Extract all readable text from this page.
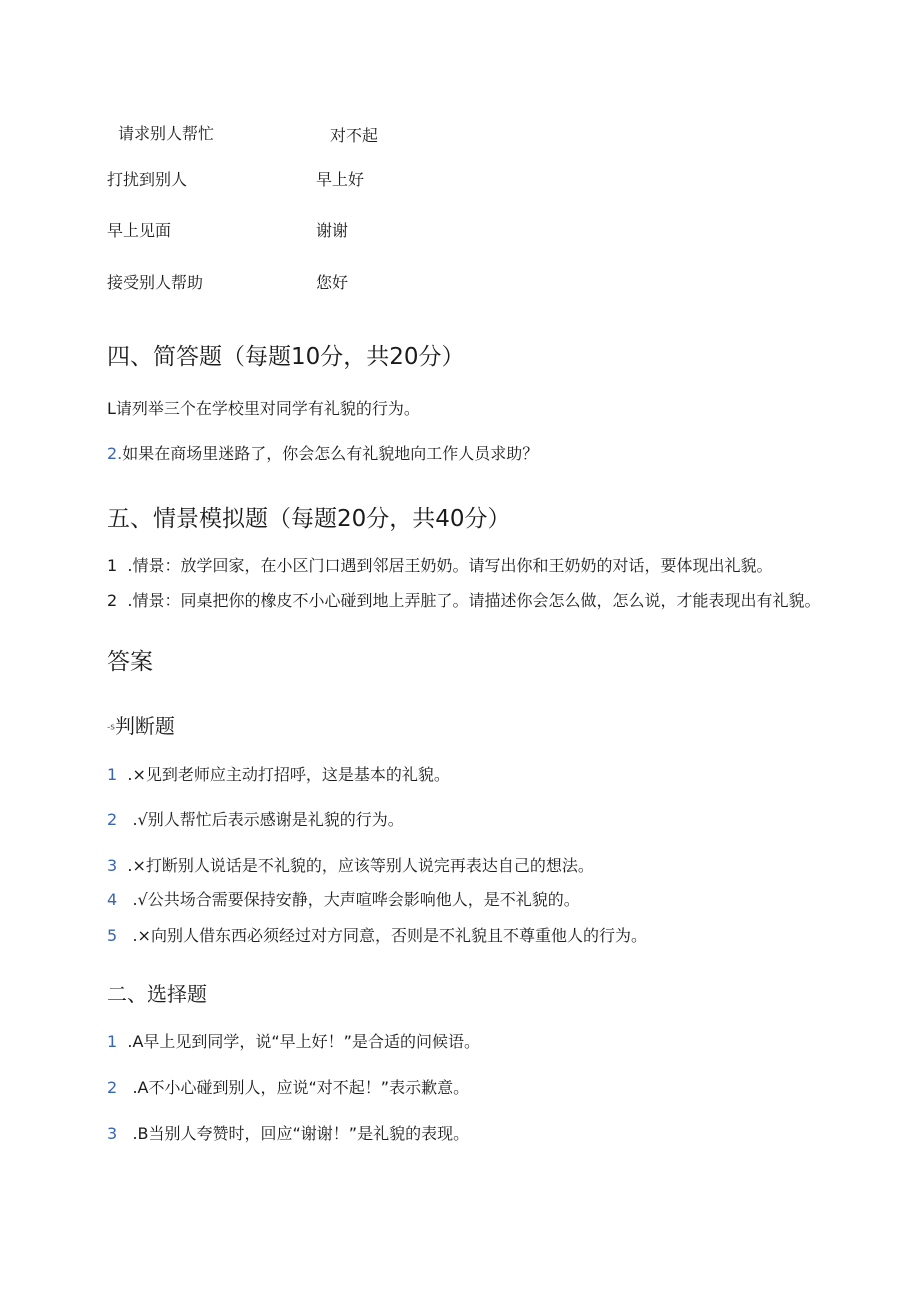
请求别人帮忙	对不起
打扰到别人	早上好
早上见面	谢谢
接受别人帮助	您好
四、简答题（每题10分，共20分）
L请列举三个在学校里对同学有礼貌的行为。
2.如果在商场里迷路了，你会怎么有礼貌地向工作人员求助？
五、情景模拟题（每题20分，共40分）
1 .情景：放学回家，在小区门口遇到邻居王奶奶。请写出你和王奶奶的对话，要体现出礼貌。
2 .情景：同桌把你的橡皮不小心碰到地上弄脏了。请描述你会怎么做，怎么说，才能表现出有礼貌。
答案
-s判断题
1 .×见到老师应主动打招呼，这是基本的礼貌。
2 .√别人帮忙后表示感谢是礼貌的行为。
3 .×打断别人说话是不礼貌的，应该等别人说完再表达自己的想法。
4 .√公共场合需要保持安静，大声喧哗会影响他人，是不礼貌的。
5 .×向别人借东西必须经过对方同意，否则是不礼貌且不尊重他人的行为。
二、选择题
1 .A早上见到同学，说“早上好！”是合适的问候语。
2 .A不小心碰到别人，应说“对不起！”表示歉意。
3 .B当别人夸赞时，回应“谢谢！”是礼貌的表现。
